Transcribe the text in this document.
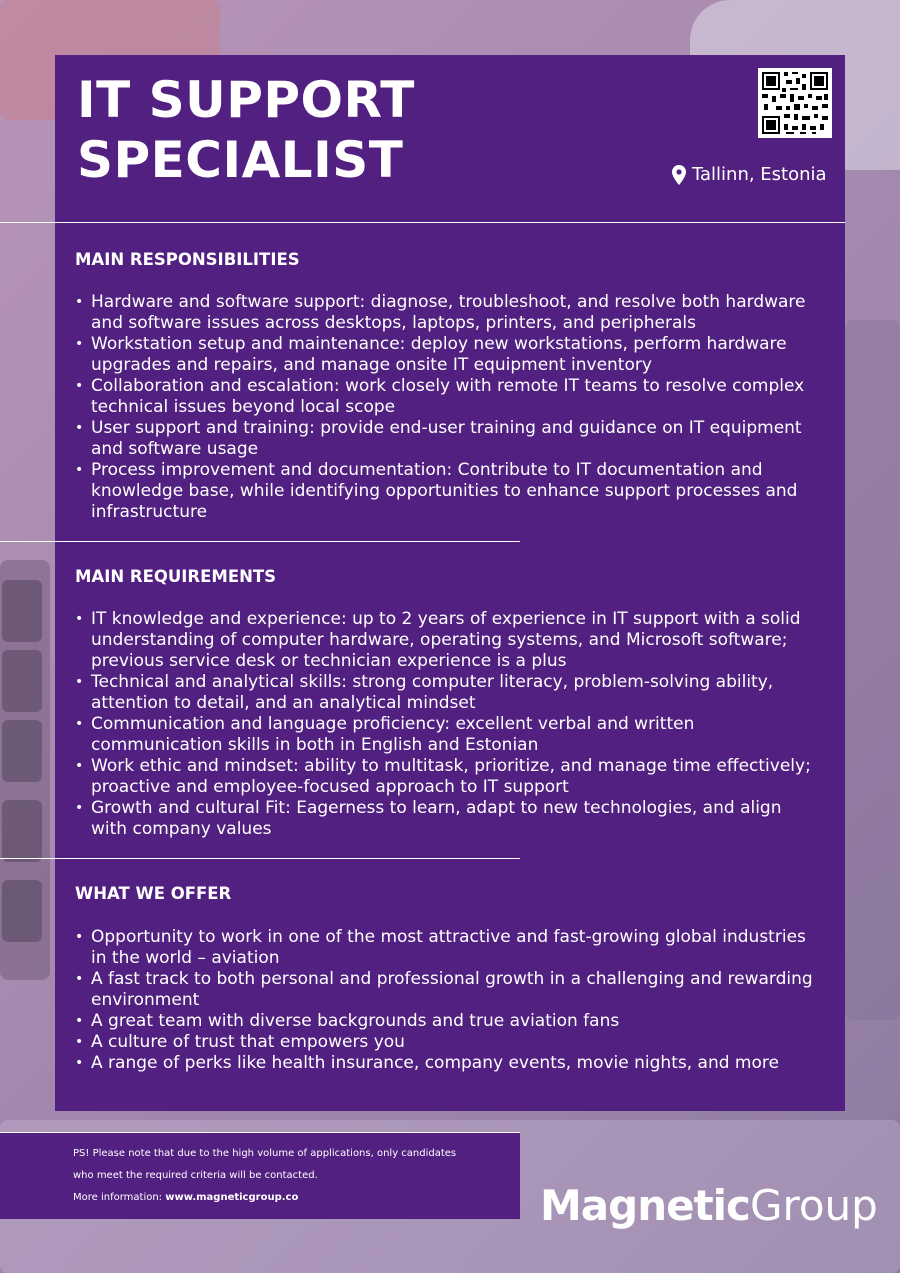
IT SUPPORT
SPECIALIST	Tallinn, Estonia
MAIN RESPONSIBILITIES
• Hardware and software support: diagnose, troubleshoot, and resolve both hardware and software issues across desktops, laptops, printers, and peripherals
• Workstation setup and maintenance: deploy new workstations, perform hardware upgrades and repairs, and manage onsite IT equipment inventory
• Collaboration and escalation: work closely with remote IT teams to resolve complex technical issues beyond local scope
• User support and training: provide end-user training and guidance on IT equipment and software usage
• Process improvement and documentation: Contribute to IT documentation and knowledge base, while identifying opportunities to enhance support processes and infrastructure
MAIN REQUIREMENTS
• IT knowledge and experience: up to 2 years of experience in IT support with a solid understanding of computer hardware, operating systems, and Microsoft software; previous service desk or technician experience is a plus
• Technical and analytical skills: strong computer literacy, problem-solving ability, attention to detail, and an analytical mindset
• Communication and language proficiency: excellent verbal and written communication skills in both in English and Estonian
• Work ethic and mindset: ability to multitask, prioritize, and manage time effectively; proactive and employee-focused approach to IT support
• Growth and cultural Fit: Eagerness to learn, adapt to new technologies, and align with company values
WHAT WE OFFER
• Opportunity to work in one of the most attractive and fast-growing global industries in the world – aviation
• A fast track to both personal and professional growth in a challenging and rewarding environment
• A great team with diverse backgrounds and true aviation fans
• A culture of trust that empowers you
• A range of perks like health insurance, company events, movie nights, and more
PS! Please note that due to the high volume of applications, only candidates
who meet the required criteria will be contacted.
More information: www.magneticgroup.co	MagneticGroup
